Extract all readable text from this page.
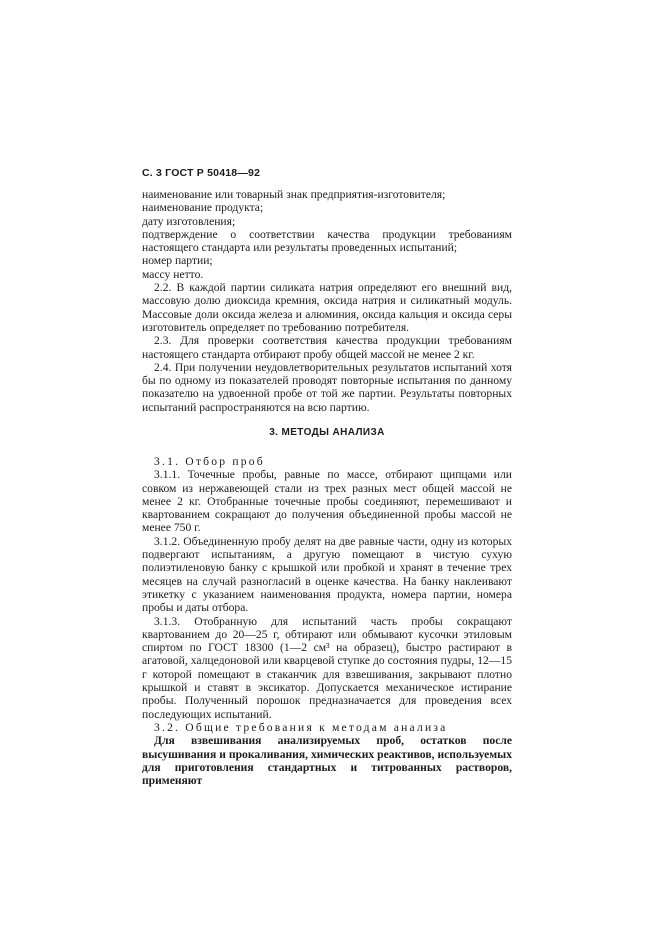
С. 3 ГОСТ Р 50418—92

наименование или товарный знак предприятия-изготовителя;

наименование продукта;

дату изготовления;

подтверждение о соответствии качества продукции требованиям настоящего стандарта или результаты проведенных испытаний;

номер партии;

массу нетто.

2.2. В каждой партии силиката натрия определяют его внешний вид, массовую долю диоксида кремния, оксида натрия и силикатный модуль. Массовые доли оксида железа и алюминия, оксида кальция и оксида серы изготовитель определяет по требованию потребителя.

2.3. Для проверки соответствия качества продукции требованиям настоящего стандарта отбирают пробу общей массой не менее 2 кг.

2.4. При получении неудовлетворительных результатов испытаний хотя бы по одному из показателей проводят повторные испытания по данному показателю на удвоенной пробе от той же партии. Результаты повторных испытаний распространяются на всю партию.

3. МЕТОДЫ АНАЛИЗА

3.1. Отбор проб

3.1.1. Точечные пробы, равные по массе, отбирают щипцами или совком из нержавеющей стали из трех разных мест общей массой не менее 2 кг. Отобранные точечные пробы соединяют, перемешивают и квартованием сокращают до получения объединенной пробы массой не менее 750 г.

3.1.2. Объединенную пробу делят на две равные части, одну из которых подвергают испытаниям, а другую помещают в чистую сухую полиэтиленовую банку с крышкой или пробкой и хранят в течение трех месяцев на случай разногласий в оценке качества. На банку наклеивают этикетку с указанием наименования продукта, номера партии, номера пробы и даты отбора.

3.1.3. Отобранную для испытаний часть пробы сокращают квартованием до 20—25 г, обтирают или обмывают кусочки этиловым спиртом по ГОСТ 18300 (1—2 см³ на образец), быстро растирают в агатовой, халцедоновой или кварцевой ступке до состояния пудры, 12—15 г которой помещают в стаканчик для взвешивания, закрывают плотно крышкой и ставят в эксикатор. Допускается механическое истирание пробы. Полученный порошок предназначается для проведения всех последующих испытаний.

3.2. Общие требования к методам анализа

Для взвешивания анализируемых проб, остатков после высушивания и прокаливания, химических реактивов, используемых для приготовления стандартных и титрованных растворов, применяют
